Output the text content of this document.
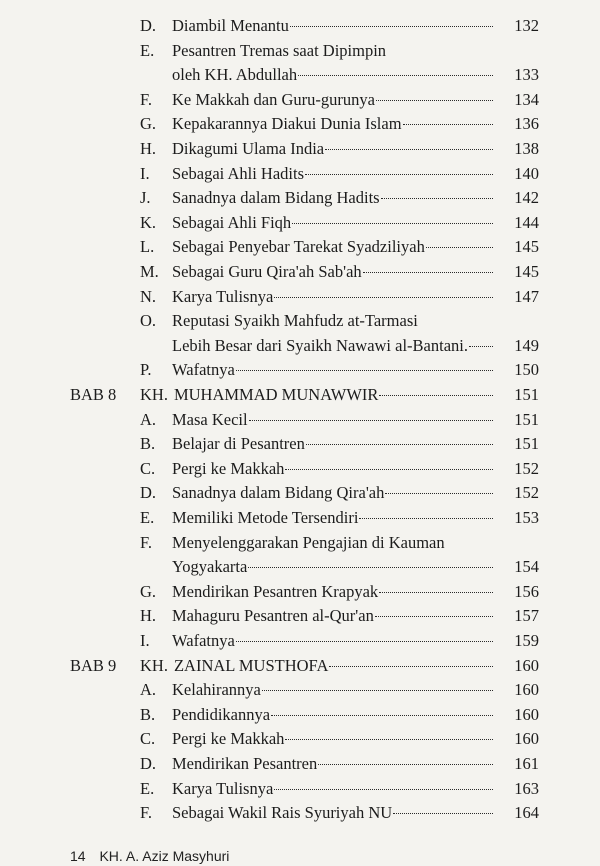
D. Diambil Menantu	132
E. Pesantren Tremas saat Dipimpin
oleh KH. Abdullah	133
F. Ke Makkah dan Guru-gurunya	134
G. Kepakarannya Diakui Dunia Islam	136
H. Dikagumi Ulama India	138
I. Sebagai Ahli Hadits	140
J. Sanadnya dalam Bidang Hadits	142
K. Sebagai Ahli Fiqh	144
L. Sebagai Penyebar Tarekat Syadziliyah	145
M. Sebagai Guru Qira'ah Sab'ah	145
N. Karya Tulisnya	147
O. Reputasi Syaikh Mahfudz at-Tarmasi
Lebih Besar dari Syaikh Nawawi al-Bantani.	149
P. Wafatnya	150
BAB 8 KH. MUHAMMAD MUNAWWIR	151
A. Masa Kecil	151
B. Belajar di Pesantren	151
C. Pergi ke Makkah	152
D. Sanadnya dalam Bidang Qira'ah	152
E. Memiliki Metode Tersendiri	153
F. Menyelenggarakan Pengajian di Kauman
Yogyakarta	154
G. Mendirikan Pesantren Krapyak	156
H. Mahaguru Pesantren al-Qur'an	157
I. Wafatnya	159
BAB 9 KH. ZAINAL MUSTHOFA	160
A. Kelahirannya	160
B. Pendidikannya	160
C. Pergi ke Makkah	160
D. Mendirikan Pesantren	161
E. Karya Tulisnya	163
F. Sebagai Wakil Rais Syuriyah NU	164
14 KH. A. Aziz Masyhuri
